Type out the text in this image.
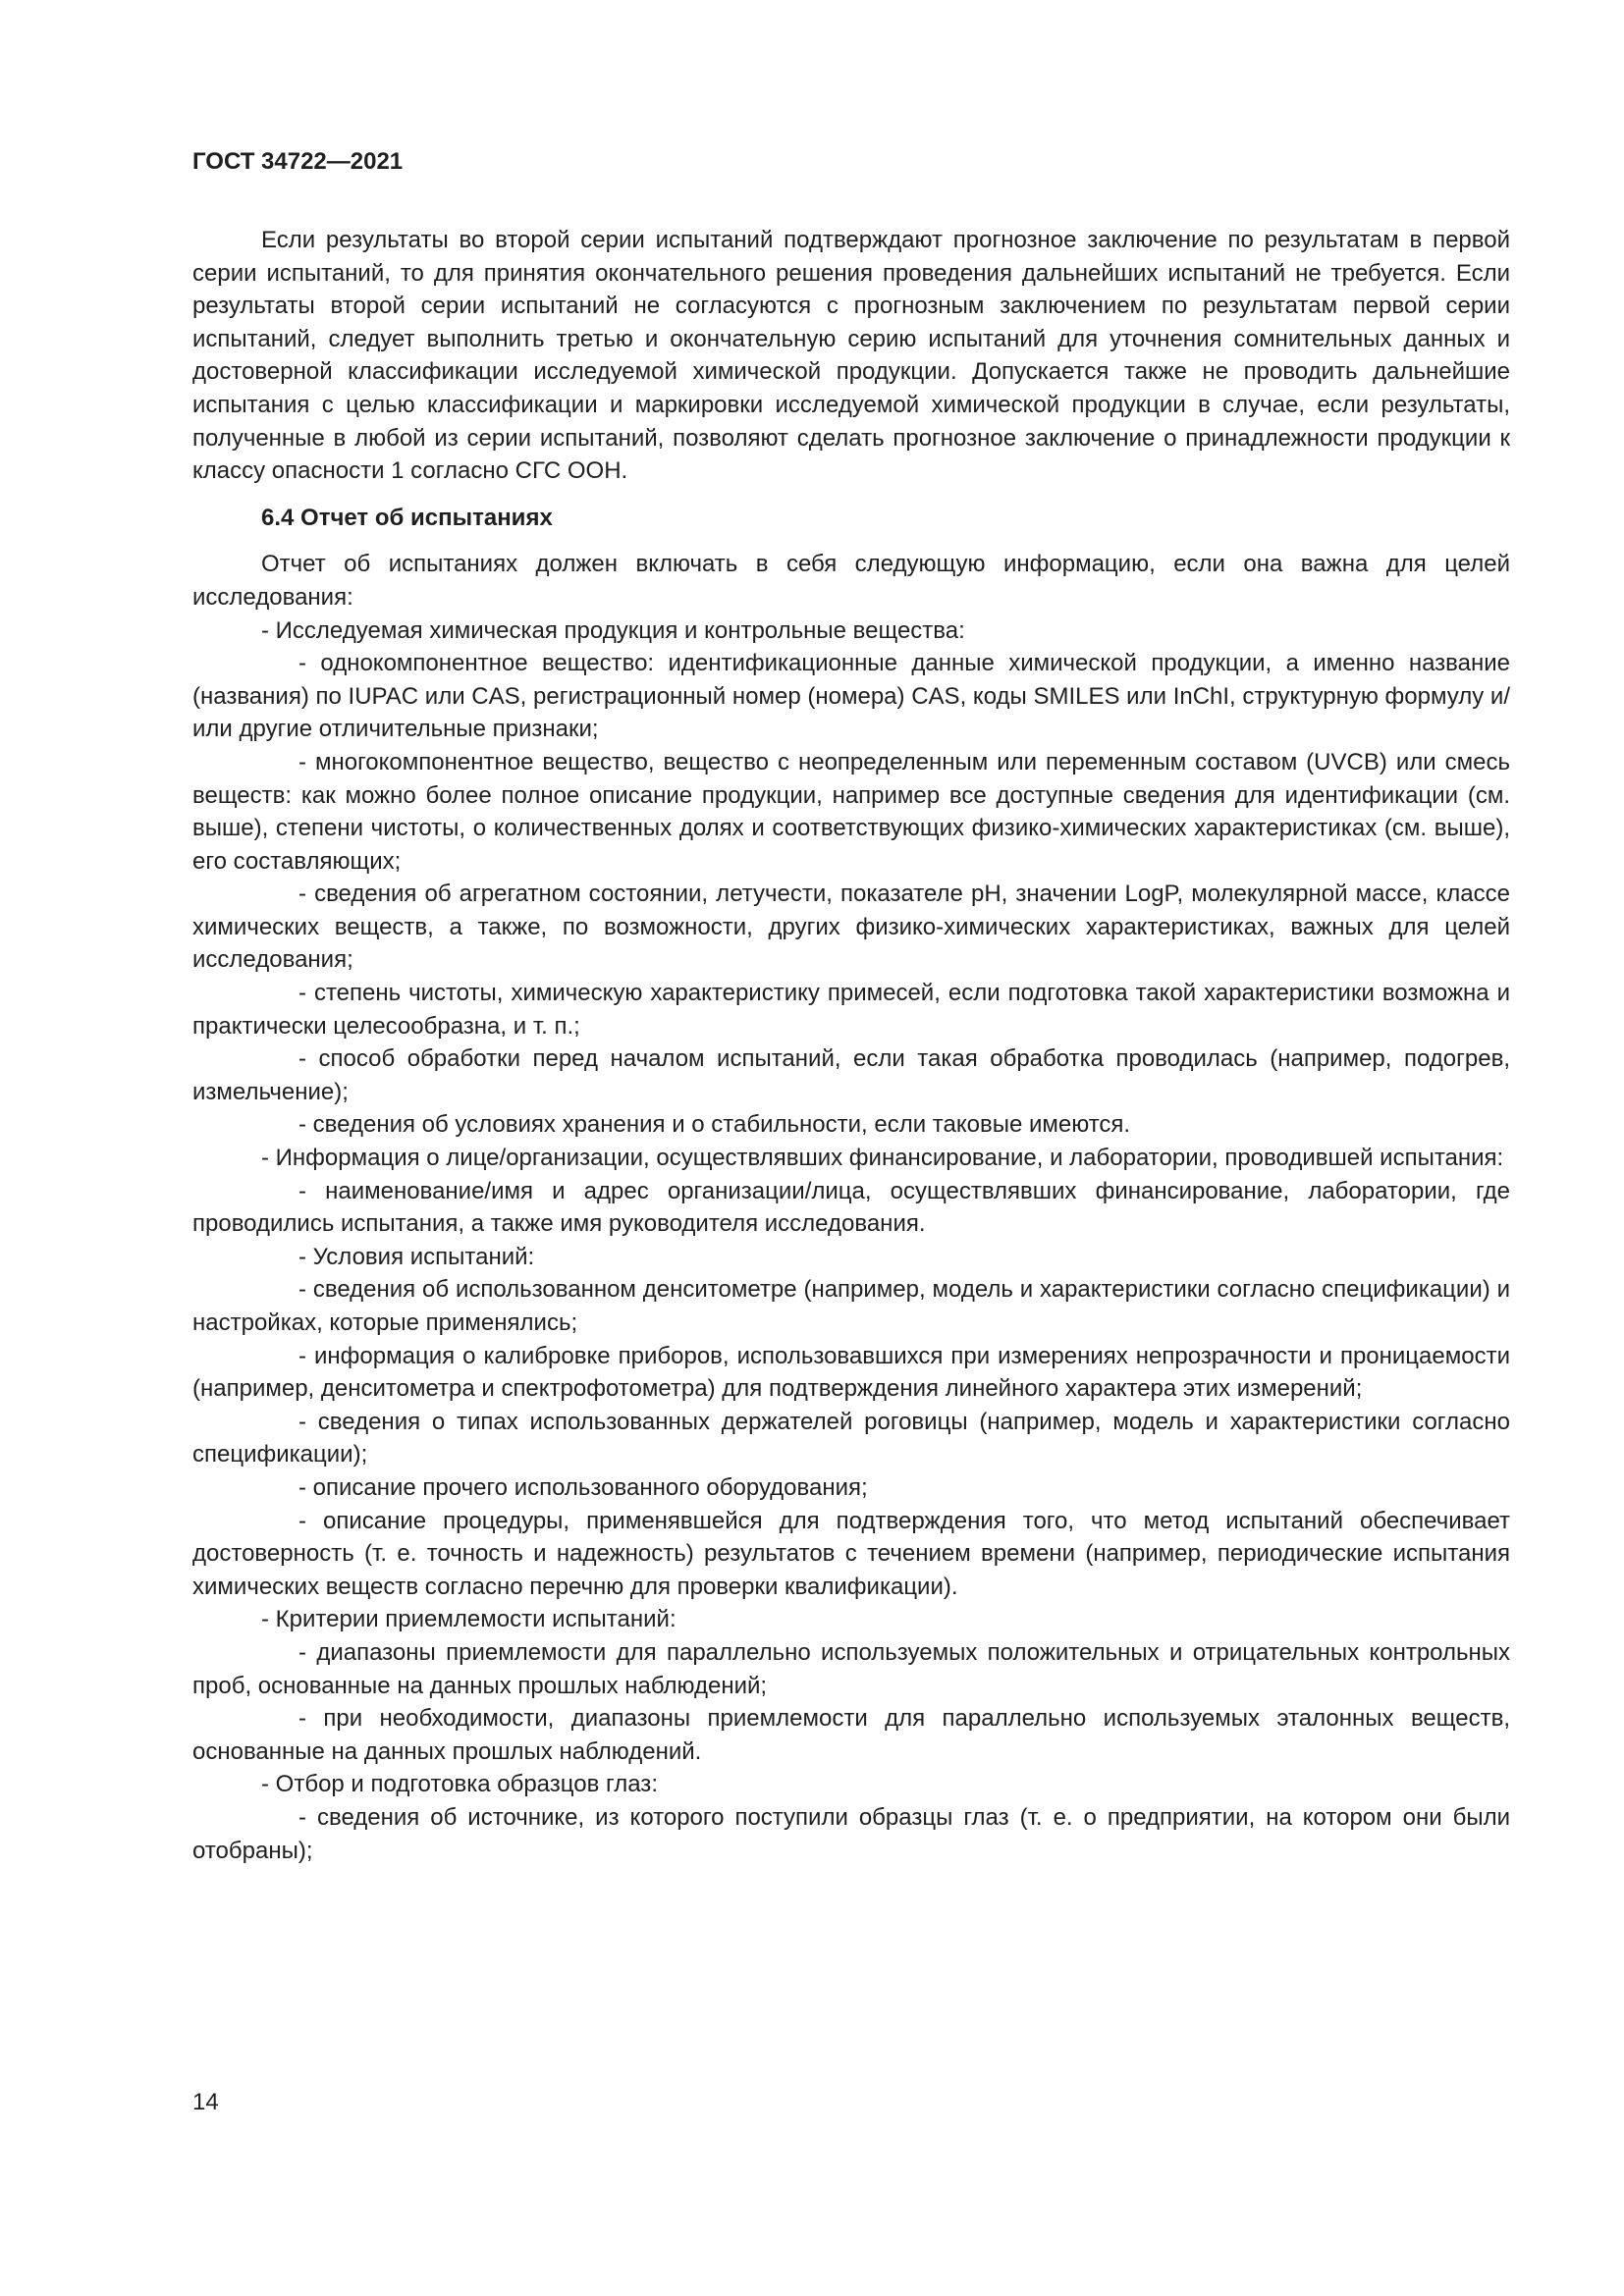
ГОСТ 34722—2021

Если результаты во второй серии испытаний подтверждают прогнозное заключение по результатам в первой серии испытаний, то для принятия окончательного решения проведения дальнейших испытаний не требуется. Если результаты второй серии испытаний не согласуются с прогнозным заключением по результатам первой серии испытаний, следует выполнить третью и окончательную серию испытаний для уточнения сомнительных данных и достоверной классификации исследуемой химической продукции. Допускается также не проводить дальнейшие испытания с целью классификации и маркировки исследуемой химической продукции в случае, если результаты, полученные в любой из серии испытаний, позволяют сделать прогнозное заключение о принадлежности продукции к классу опасности 1 согласно СГС ООН.

6.4 Отчет об испытаниях

Отчет об испытаниях должен включать в себя следующую информацию, если она важна для целей исследования:

- Исследуемая химическая продукция и контрольные вещества:

- однокомпонентное вещество: идентификационные данные химической продукции, а именно название (названия) по IUPAC или CAS, регистрационный номер (номера) CAS, коды SMILES или InChI, структурную формулу и/или другие отличительные признаки;

- многокомпонентное вещество, вещество с неопределенным или переменным составом (UVCB) или смесь веществ: как можно более полное описание продукции, например все доступные сведения для идентификации (см. выше), степени чистоты, о количественных долях и соответствующих физико-химических характеристиках (см. выше), его составляющих;

- сведения об агрегатном состоянии, летучести, показателе pH, значении LogP, молекулярной массе, классе химических веществ, а также, по возможности, других физико-химических характеристиках, важных для целей исследования;

- степень чистоты, химическую характеристику примесей, если подготовка такой характеристики возможна и практически целесообразна, и т. п.;

- способ обработки перед началом испытаний, если такая обработка проводилась (например, подогрев, измельчение);

- сведения об условиях хранения и о стабильности, если таковые имеются.

- Информация о лице/организации, осуществлявших финансирование, и лаборатории, проводившей испытания:

- наименование/имя и адрес организации/лица, осуществлявших финансирование, лаборатории, где проводились испытания, а также имя руководителя исследования.

- Условия испытаний:

- сведения об использованном денситометре (например, модель и характеристики согласно спецификации) и настройках, которые применялись;

- информация о калибровке приборов, использовавшихся при измерениях непрозрачности и проницаемости (например, денситометра и спектрофотометра) для подтверждения линейного характера этих измерений;

- сведения о типах использованных держателей роговицы (например, модель и характеристики согласно спецификации);

- описание прочего использованного оборудования;

- описание процедуры, применявшейся для подтверждения того, что метод испытаний обеспечивает достоверность (т. е. точность и надежность) результатов с течением времени (например, периодические испытания химических веществ согласно перечню для проверки квалификации).

- Критерии приемлемости испытаний:

- диапазоны приемлемости для параллельно используемых положительных и отрицательных контрольных проб, основанные на данных прошлых наблюдений;

- при необходимости, диапазоны приемлемости для параллельно используемых эталонных веществ, основанные на данных прошлых наблюдений.

- Отбор и подготовка образцов глаз:

- сведения об источнике, из которого поступили образцы глаз (т. е. о предприятии, на котором они были отобраны);

14
